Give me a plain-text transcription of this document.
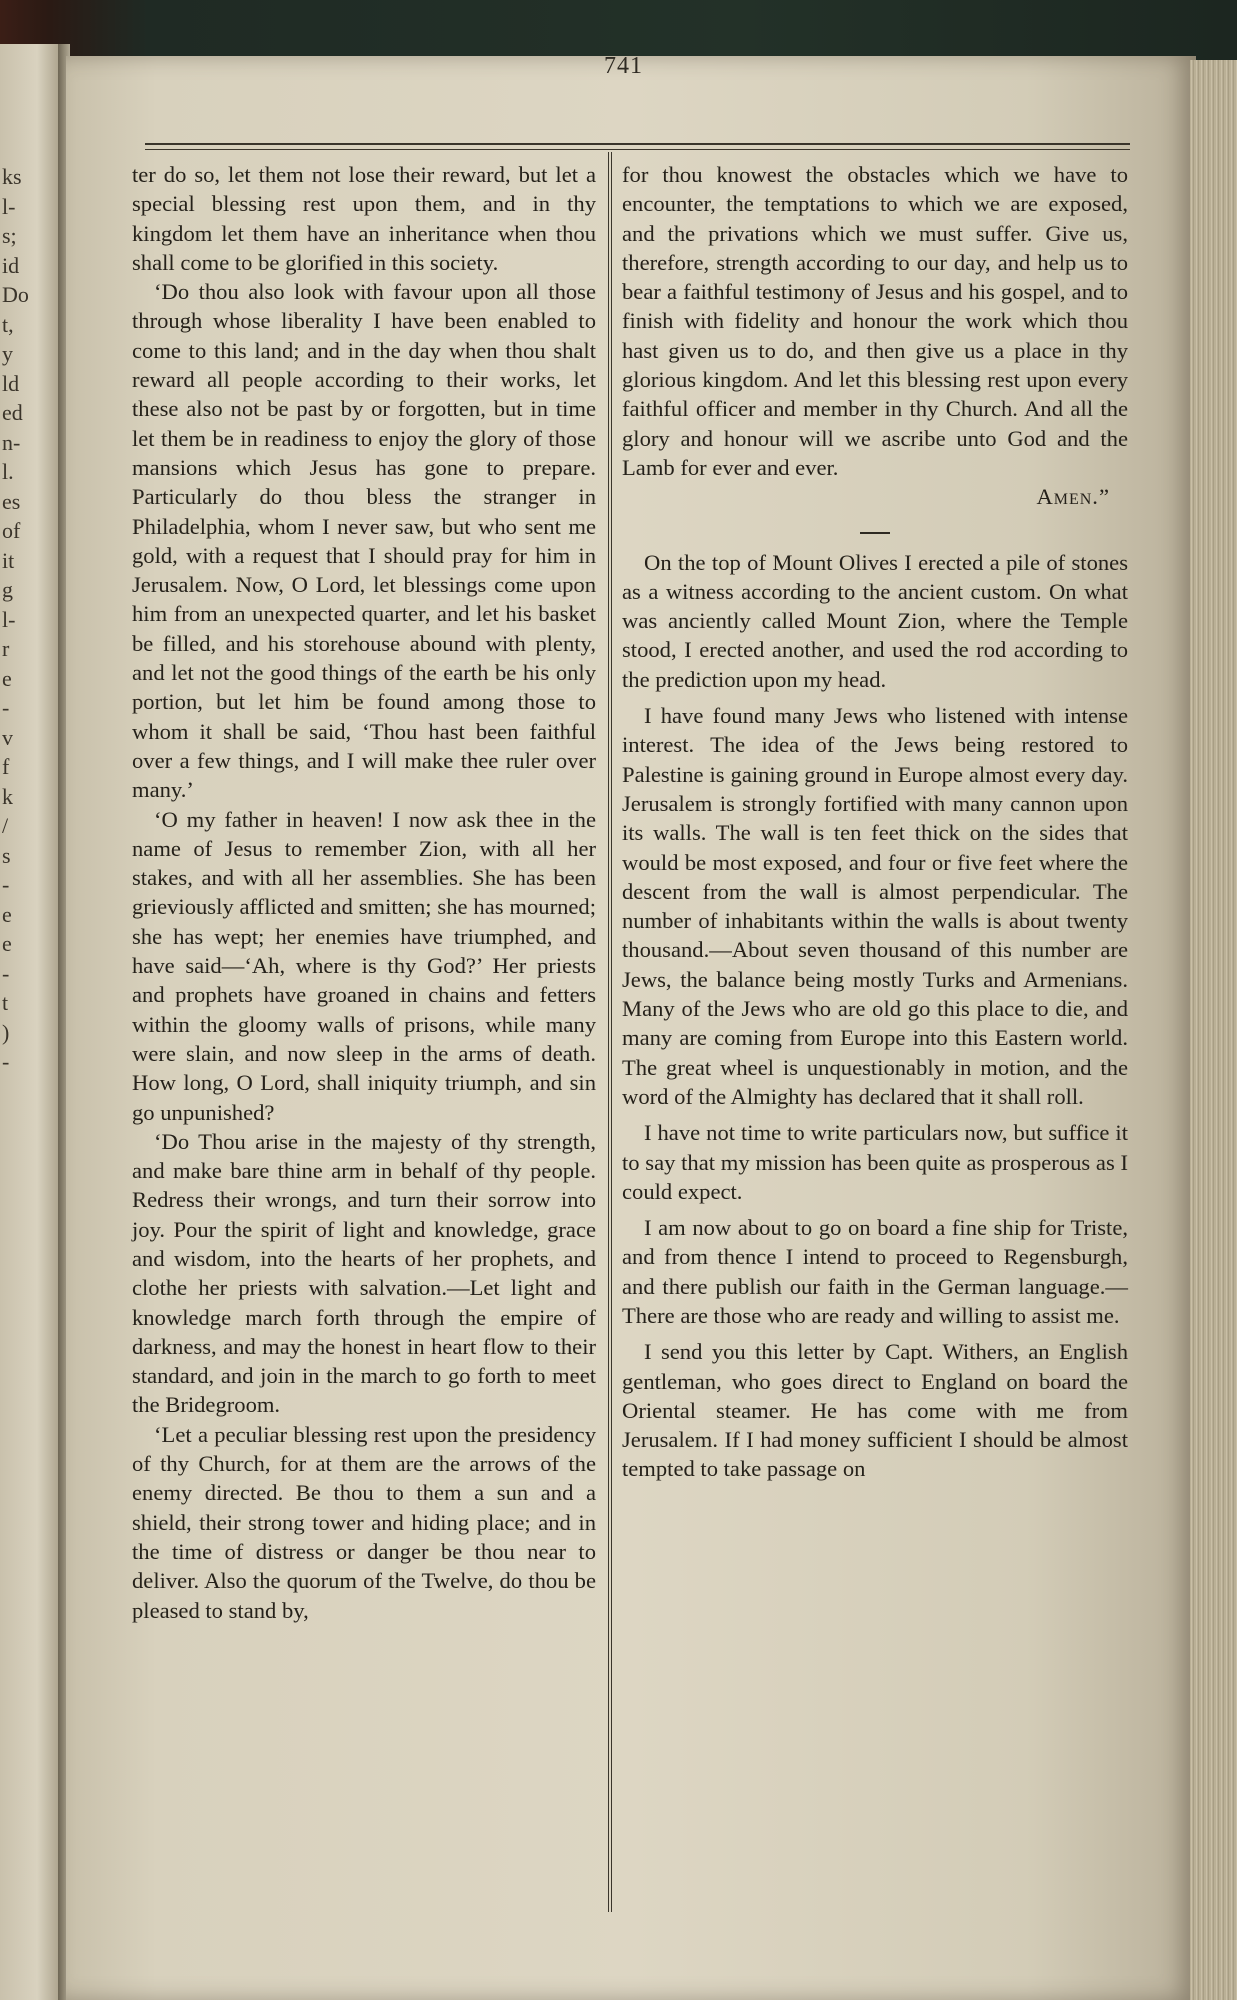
ks
l-
s;
id
Do
t,
y
ld
ed
n-
l.
es
of
it
g
l-
r
e
-
v
f
k
/
s
-
e
e
-
t
)
-
741

ter do so, let them not lose their reward, but let a special blessing rest upon them, and in thy kingdom let them have an inheritance when thou shall come to be glorified in this society.

‘Do thou also look with favour upon all those through whose liberality I have been enabled to come to this land; and in the day when thou shalt reward all people according to their works, let these also not be past by or forgotten, but in time let them be in readiness to enjoy the glory of those mansions which Jesus has gone to prepare. Particularly do thou bless the stranger in Philadelphia, whom I never saw, but who sent me gold, with a request that I should pray for him in Jerusalem. Now, O Lord, let blessings come upon him from an unexpected quarter, and let his basket be filled, and his storehouse abound with plenty, and let not the good things of the earth be his only portion, but let him be found among those to whom it shall be said, ‘Thou hast been faithful over a few things, and I will make thee ruler over many.’

‘O my father in heaven! I now ask thee in the name of Jesus to remember Zion, with all her stakes, and with all her assemblies. She has been grieviously afflicted and smitten; she has mourned; she has wept; her enemies have triumphed, and have said—‘Ah, where is thy God?’ Her priests and prophets have groaned in chains and fetters within the gloomy walls of prisons, while many were slain, and now sleep in the arms of death. How long, O Lord, shall iniquity triumph, and sin go unpunished?

‘Do Thou arise in the majesty of thy strength, and make bare thine arm in behalf of thy people. Redress their wrongs, and turn their sorrow into joy. Pour the spirit of light and knowledge, grace and wisdom, into the hearts of her prophets, and clothe her priests with salvation.—Let light and knowledge march forth through the empire of darkness, and may the honest in heart flow to their standard, and join in the march to go forth to meet the Bridegroom.

‘Let a peculiar blessing rest upon the presidency of thy Church, for at them are the arrows of the enemy directed. Be thou to them a sun and a shield, their strong tower and hiding place; and in the time of distress or danger be thou near to deliver. Also the quorum of the Twelve, do thou be pleased to stand by,

for thou knowest the obstacles which we have to encounter, the temptations to which we are exposed, and the privations which we must suffer. Give us, therefore, strength according to our day, and help us to bear a faithful testimony of Jesus and his gospel, and to finish with fidelity and honour the work which thou hast given us to do, and then give us a place in thy glorious kingdom. And let this blessing rest upon every faithful officer and member in thy Church. And all the glory and honour will we ascribe unto God and the Lamb for ever and ever.

Amen.”

On the top of Mount Olives I erected a pile of stones as a witness according to the ancient custom. On what was anciently called Mount Zion, where the Temple stood, I erected another, and used the rod according to the prediction upon my head.

I have found many Jews who listened with intense interest. The idea of the Jews being restored to Palestine is gaining ground in Europe almost every day. Jerusalem is strongly fortified with many cannon upon its walls. The wall is ten feet thick on the sides that would be most exposed, and four or five feet where the descent from the wall is almost perpendicular. The number of inhabitants within the walls is about twenty thousand.—About seven thousand of this number are Jews, the balance being mostly Turks and Armenians. Many of the Jews who are old go this place to die, and many are coming from Europe into this Eastern world. The great wheel is unquestionably in motion, and the word of the Almighty has declared that it shall roll.

I have not time to write particulars now, but suffice it to say that my mission has been quite as prosperous as I could expect.

I am now about to go on board a fine ship for Triste, and from thence I intend to proceed to Regensburgh, and there publish our faith in the German language.—There are those who are ready and willing to assist me.

I send you this letter by Capt. Withers, an English gentleman, who goes direct to England on board the Oriental steamer. He has come with me from Jerusalem. If I had money sufficient I should be almost tempted to take passage on
